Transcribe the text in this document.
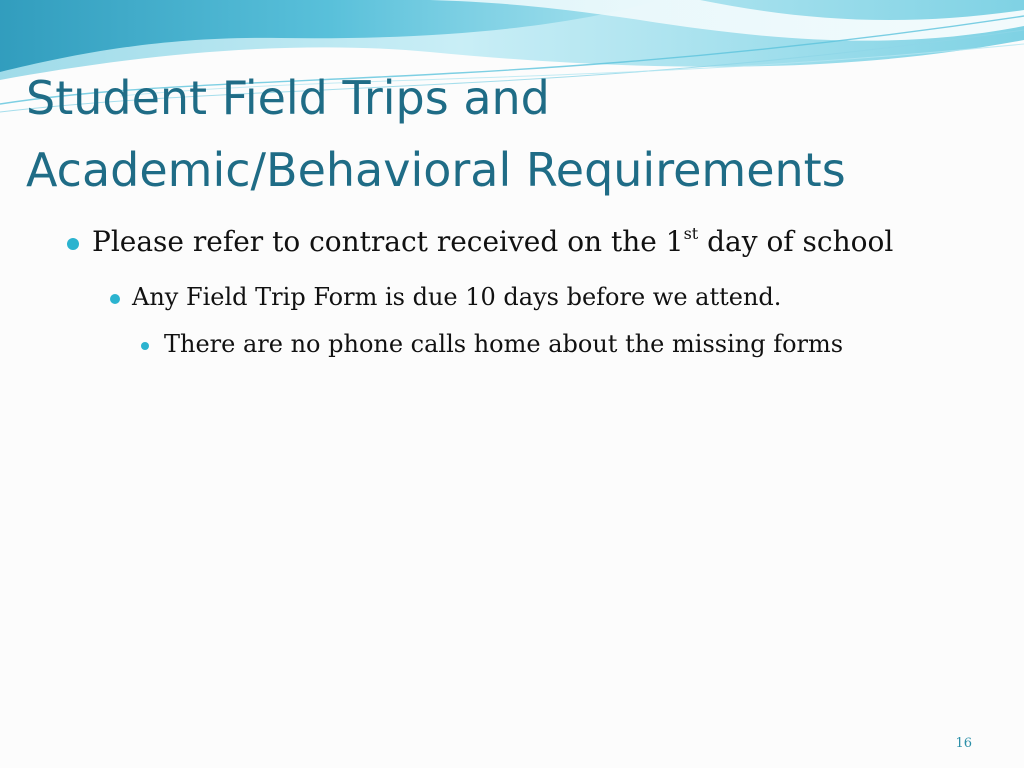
Student Field Trips and
Academic/Behavioral Requirements
Please refer to contract received on the 1st day of school
Any Field Trip Form is due 10 days before we attend.
There are no phone calls home about the missing forms
16
